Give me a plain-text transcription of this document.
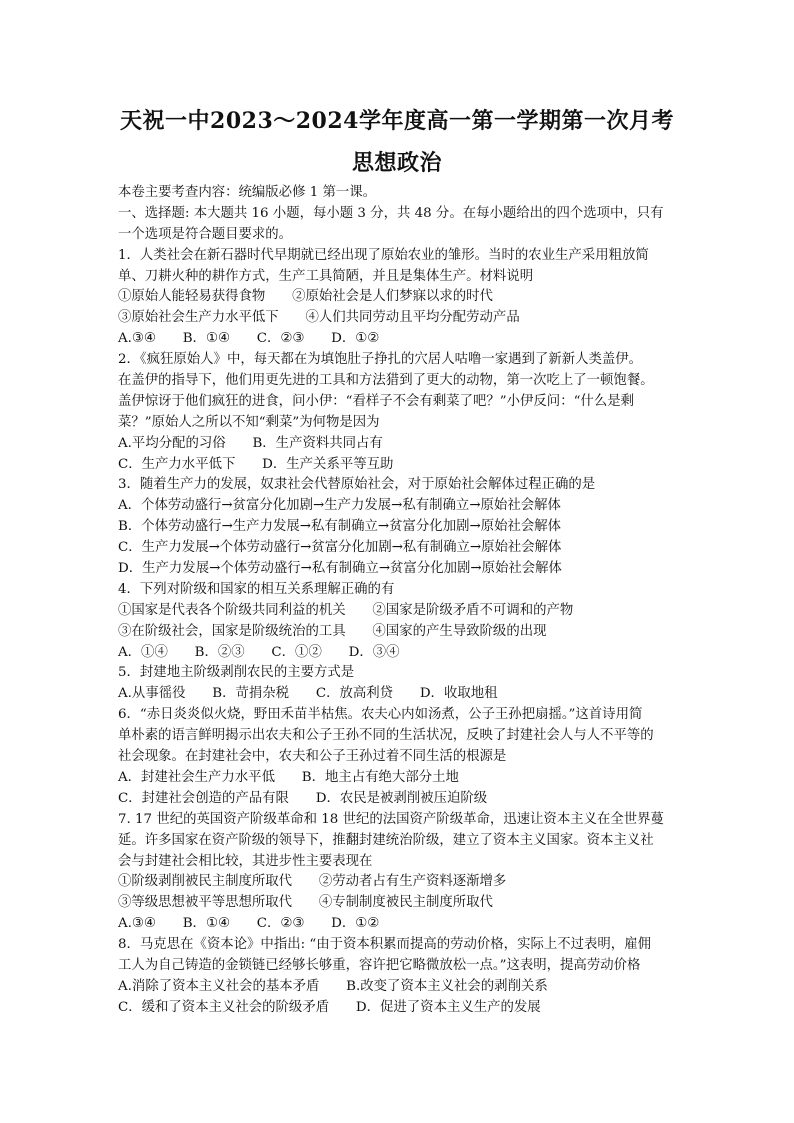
天祝一中2023～2024学年度高一第一学期第一次月考
思想政治
本卷主要考查内容：统编版必修 1 第一课。
一、选择题: 本大题共 16 小题，每小题 3 分，共 48 分。在每小题给出的四个选项中，只有
一个选项是符合题目要求的。
1．人类社会在新石器时代早期就已经出现了原始农业的雏形。当时的农业生产采用粗放简
单、刀耕火种的耕作方式，生产工具简陋，并且是集体生产。材料说明
①原始人能轻易获得食物　　②原始社会是人们梦寐以求的时代
③原始社会生产力水平低下　　④人们共同劳动且平均分配劳动产品
A.③④　　B．①④　　C．②③　　D．①②
2．《疯狂原始人》中，每天都在为填饱肚子挣扎的穴居人咕噜一家遇到了新新人类盖伊。
在盖伊的指导下，他们用更先进的工具和方法猎到了更大的动物，第一次吃上了一顿饱餐。
盖伊惊讶于他们疯狂的进食，问小伊：“看样子不会有剩菜了吧？”小伊反问：“什么是剩
菜？”原始人之所以不知“剩菜”为何物是因为
A.平均分配的习俗　　B．生产资料共同占有
C．生产力水平低下　　D．生产关系平等互助
3．随着生产力的发展，奴隶社会代替原始社会，对于原始社会解体过程正确的是
A．个体劳动盛行→贫富分化加剧→生产力发展→私有制确立→原始社会解体
B．个体劳动盛行→生产力发展→私有制确立→贫富分化加剧→原始社会解体
C．生产力发展→个体劳动盛行→贫富分化加剧→私有制确立→原始社会解体
D．生产力发展→个体劳动盛行→私有制确立→贫富分化加剧→原始社会解体
4．下列对阶级和国家的相互关系理解正确的有
①国家是代表各个阶级共同利益的机关　　②国家是阶级矛盾不可调和的产物
③在阶级社会，国家是阶级统治的工具　　④国家的产生导致阶级的出现
A．①④　　B．②③　　C．①②　　D．③④
5．封建地主阶级剥削农民的主要方式是
A.从事徭役　　B．苛捐杂税　　C．放高利贷　　D．收取地租
6．“赤日炎炎似火烧，野田禾苗半枯焦。农夫心内如汤煮，公子王孙把扇摇。”这首诗用简
单朴素的语言鲜明揭示出农夫和公子王孙不同的生活状况，反映了封建社会人与人不平等的
社会现象。在封建社会中，农夫和公子王孙过着不同生活的根源是
A．封建社会生产力水平低　　B．地主占有绝大部分土地
C．封建社会创造的产品有限　　D．农民是被剥削被压迫阶级
7. 17 世纪的英国资产阶级革命和 18 世纪的法国资产阶级革命，迅速让资本主义在全世界蔓
延。许多国家在资产阶级的领导下，推翻封建统治阶级，建立了资本主义国家。资本主义社
会与封建社会相比较，其进步性主要表现在
①阶级剥削被民主制度所取代　　②劳动者占有生产资料逐渐增多
③等级思想被平等思想所取代　　④专制制度被民主制度所取代
A.③④　　B．①④　　C．②③　　D．①②
8．马克思在《资本论》中指出: “由于资本积累而提高的劳动价格，实际上不过表明，雇佣
工人为自己铸造的金锁链已经够长够重，容许把它略微放松一点。”这表明，提高劳动价格
A.消除了资本主义社会的基本矛盾　　B.改变了资本主义社会的剥削关系
C．缓和了资本主义社会的阶级矛盾　　D．促进了资本主义生产的发展
